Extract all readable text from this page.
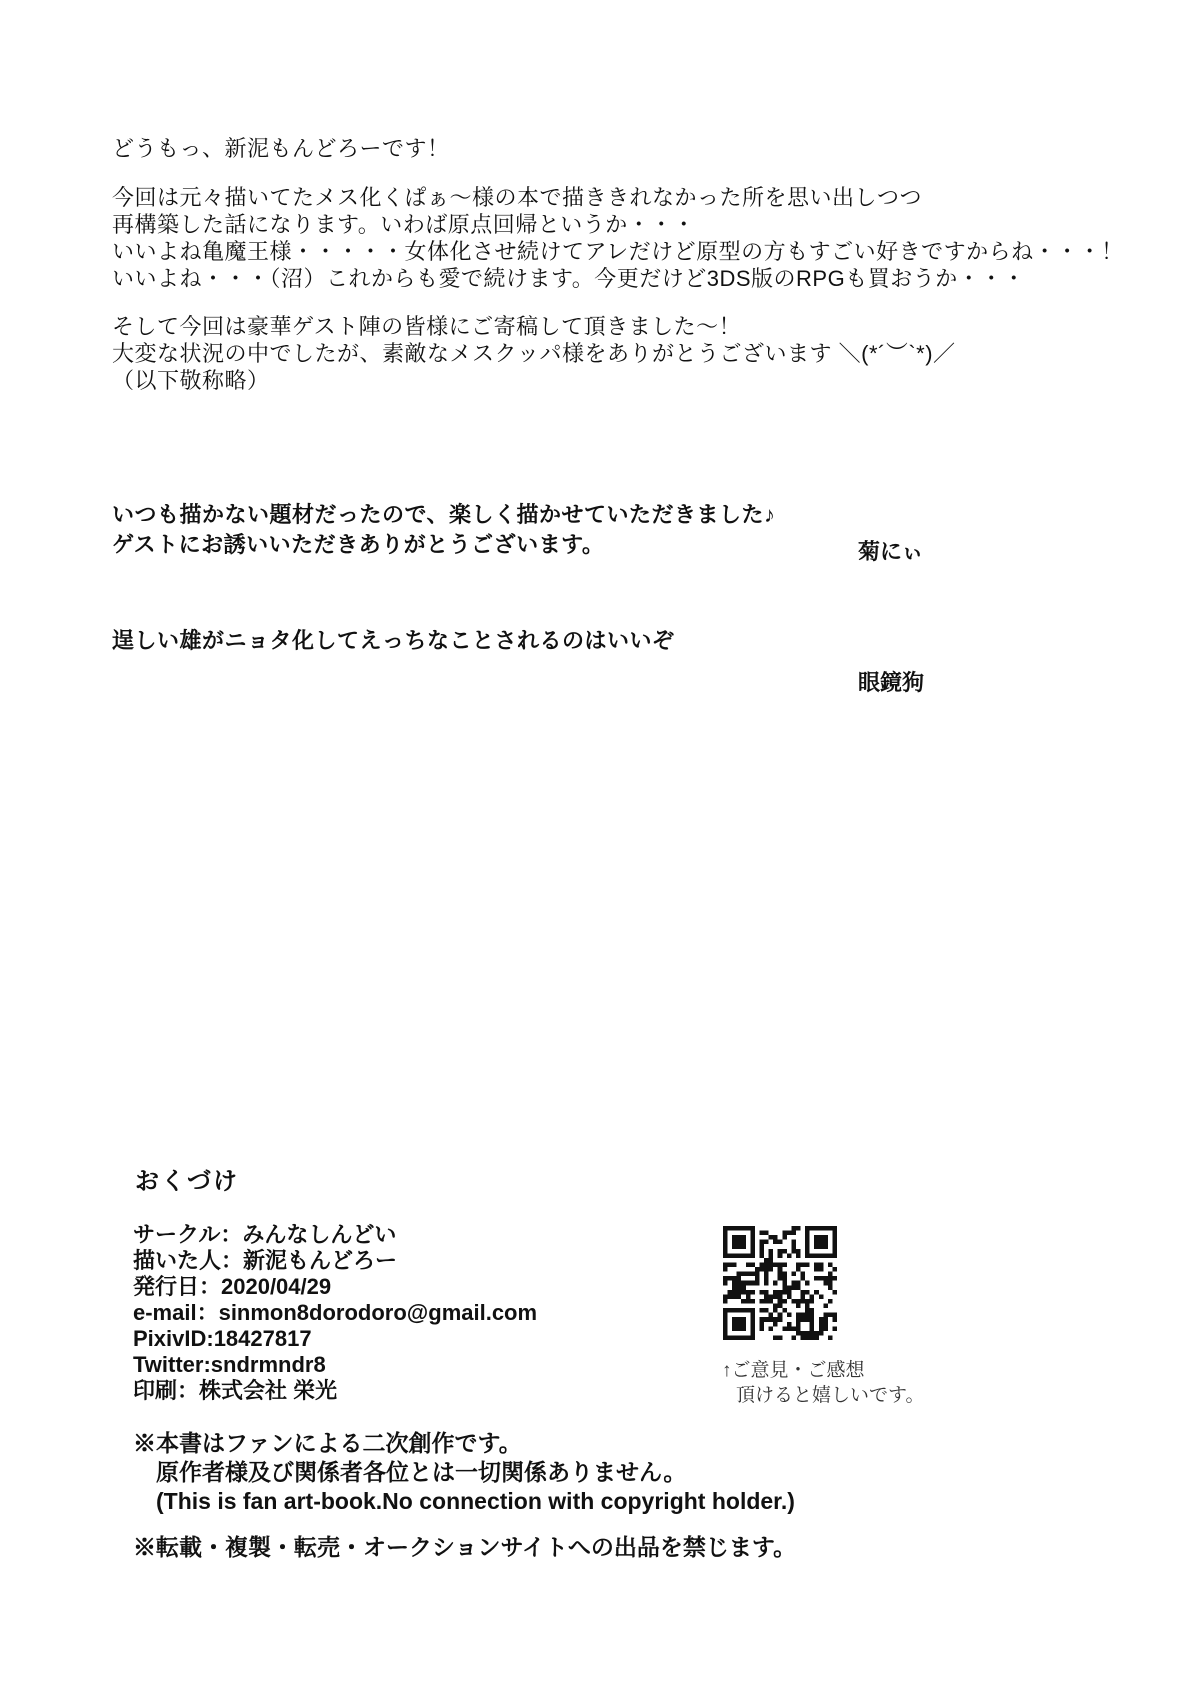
どうもっ、新泥もんどろーです！
今回は元々描いてたメス化くぱぁ～様の本で描ききれなかった所を思い出しつつ
再構築した話になります。いわば原点回帰というか・・・
いいよね亀魔王様・・・・・女体化させ続けてアレだけど原型の方もすごい好きですからね・・・！
いいよね・・・（沼）これからも愛で続けます。今更だけど3DS版のRPGも買おうか・・・
そして今回は豪華ゲスト陣の皆様にご寄稿して頂きました～！
大変な状況の中でしたが、素敵なメスクッパ様をありがとうございます ＼(*´︶`*)／
（以下敬称略）
いつも描かない題材だったので、楽しく描かせていただきました♪
ゲストにお誘いいただきありがとうございます。	菊にぃ
逞しい雄がニョタ化してえっちなことされるのはいいぞ
眼鏡狗
おくづけ
サークル：みんなしんどい
描いた人：新泥もんどろー
発行日：2020/04/29
e-mail：sinmon8dorodoro@gmail.com
PixivID:18427817
Twitter:sndrmndr8
印刷：株式会社 栄光
↑ご意見・ご感想
頂けると嬉しいです。
※本書はファンによる二次創作です。
原作者様及び関係者各位とは一切関係ありません。
(This is fan art-book.No connection with copyright holder.)
※転載・複製・転売・オークションサイトへの出品を禁じます。
